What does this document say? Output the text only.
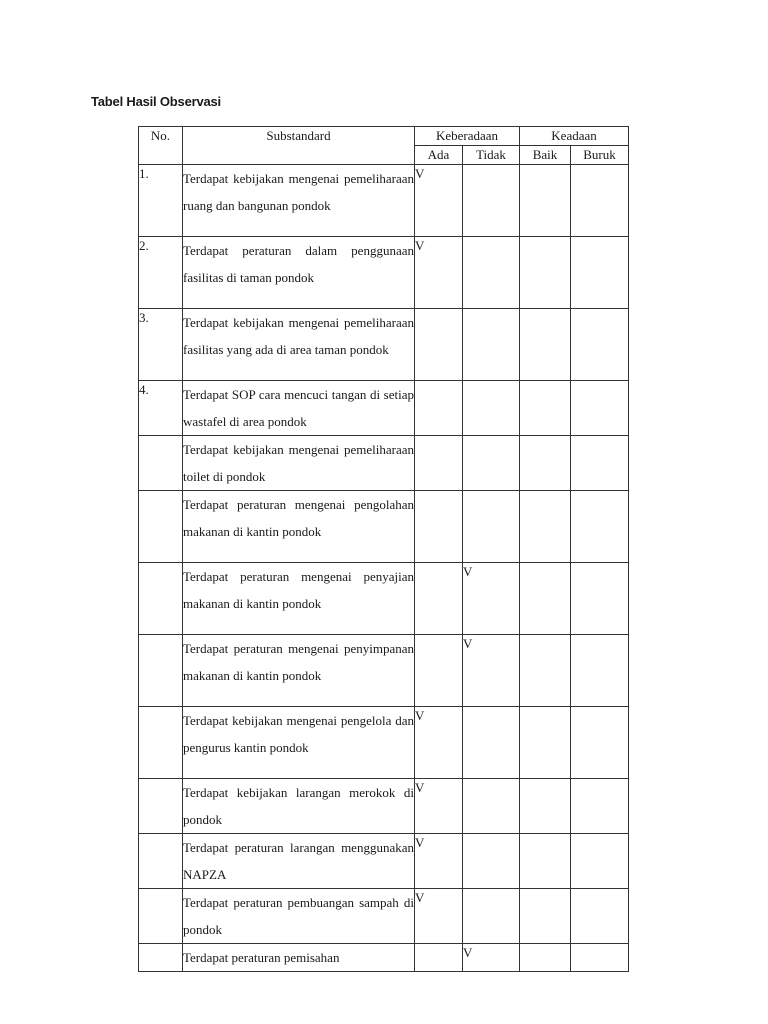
Tabel Hasil Observasi
No.	Substandard	Keberadaan		Keadaan	
		Ada	Tidak	Baik	Buruk
1.	Terdapat kebijakan mengenai pemeliharaan ruang dan bangunan pondok	V			
2.	Terdapat peraturan dalam penggunaan fasilitas di taman pondok	V			
3.	Terdapat kebijakan mengenai pemeliharaan fasilitas yang ada di area taman pondok				
4.	Terdapat SOP cara mencuci tangan di setiap wastafel di area pondok				
	Terdapat kebijakan mengenai pemeliharaan toilet di pondok				
	Terdapat peraturan mengenai pengolahan makanan di kantin pondok				
	Terdapat peraturan mengenai penyajian makanan di kantin pondok		V		
	Terdapat peraturan mengenai penyimpanan makanan di kantin pondok		V		
	Terdapat kebijakan mengenai pengelola dan pengurus kantin pondok	V			
	Terdapat kebijakan larangan merokok di pondok	V			
	Terdapat peraturan larangan menggunakan NAPZA	V			
	Terdapat peraturan pembuangan sampah di pondok	V			
	Terdapat peraturan pemisahan		V		
